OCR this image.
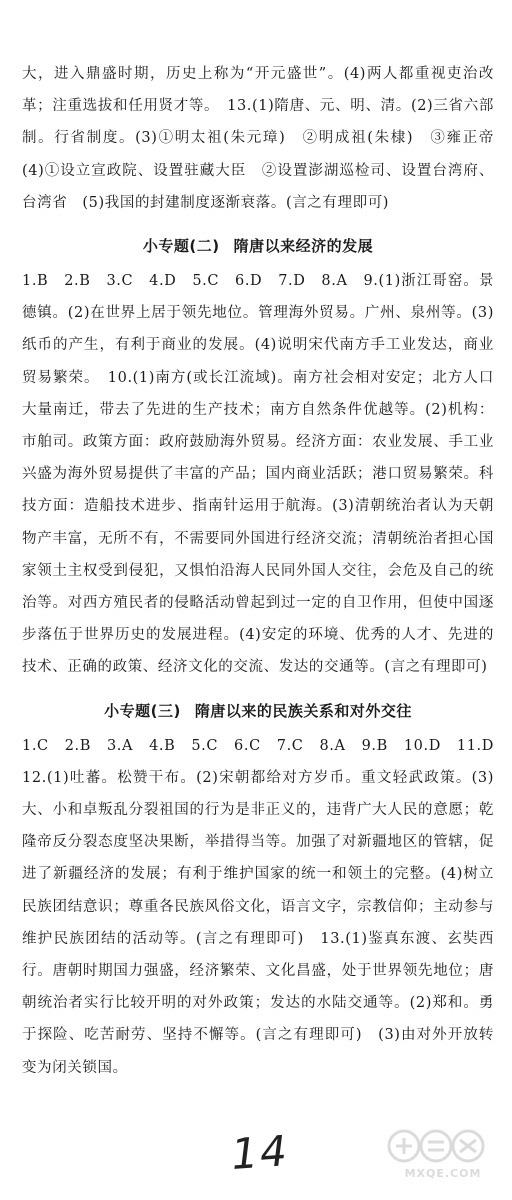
大，进入鼎盛时期，历史上称为“开元盛世”。(4)两人都重视吏治改革；注重选拔和任用贤才等。　13.(1)隋唐、元、明、清。(2)三省六部制。行省制度。(3)①明太祖(朱元璋)　②明成祖(朱棣)　③雍正帝　(4)①设立宣政院、设置驻藏大臣　②设置澎湖巡检司、设置台湾府、台湾省　(5)我国的封建制度逐渐衰落。(言之有理即可)

小专题(二) 隋唐以来经济的发展

1.B　2.B　3.C　4.D　5.C　6.D　7.D　8.A　9.(1)浙江哥窑。景德镇。(2)在世界上居于领先地位。管理海外贸易。广州、泉州等。(3)纸币的产生，有利于商业的发展。(4)说明宋代南方手工业发达，商业贸易繁荣。　10.(1)南方(或长江流域)。南方社会相对安定；北方人口大量南迁，带去了先进的生产技术；南方自然条件优越等。(2)机构：市舶司。政策方面：政府鼓励海外贸易。经济方面：农业发展、手工业兴盛为海外贸易提供了丰富的产品；国内商业活跃；港口贸易繁荣。科技方面：造船技术进步、指南针运用于航海。(3)清朝统治者认为天朝物产丰富，无所不有，不需要同外国进行经济交流；清朝统治者担心国家领土主权受到侵犯，又惧怕沿海人民同外国人交往，会危及自己的统治等。对西方殖民者的侵略活动曾起到过一定的自卫作用，但使中国逐步落伍于世界历史的发展进程。(4)安定的环境、优秀的人才、先进的技术、正确的政策、经济文化的交流、发达的交通等。(言之有理即可)

小专题(三) 隋唐以来的民族关系和对外交往

1.C　2.B　3.A　4.B　5.C　6.C　7.C　8.A　9.B　10.D　11.D　12.(1)吐蕃。松赞干布。(2)宋朝都给对方岁币。重文轻武政策。(3)大、小和卓叛乱分裂祖国的行为是非正义的，违背广大人民的意愿；乾隆帝反分裂态度坚决果断，举措得当等。加强了对新疆地区的管辖，促进了新疆经济的发展；有利于维护国家的统一和领土的完整。(4)树立民族团结意识；尊重各民族风俗文化，语言文字，宗教信仰；主动参与维护民族团结的活动等。(言之有理即可)　13.(1)鉴真东渡、玄奘西行。唐朝时期国力强盛，经济繁荣、文化昌盛，处于世界领先地位；唐朝统治者实行比较开明的对外政策；发达的水陆交通等。(2)郑和。勇于探险、吃苦耐劳、坚持不懈等。(言之有理即可)　(3)由对外开放转变为闭关锁国。

14	MXQE.COM
